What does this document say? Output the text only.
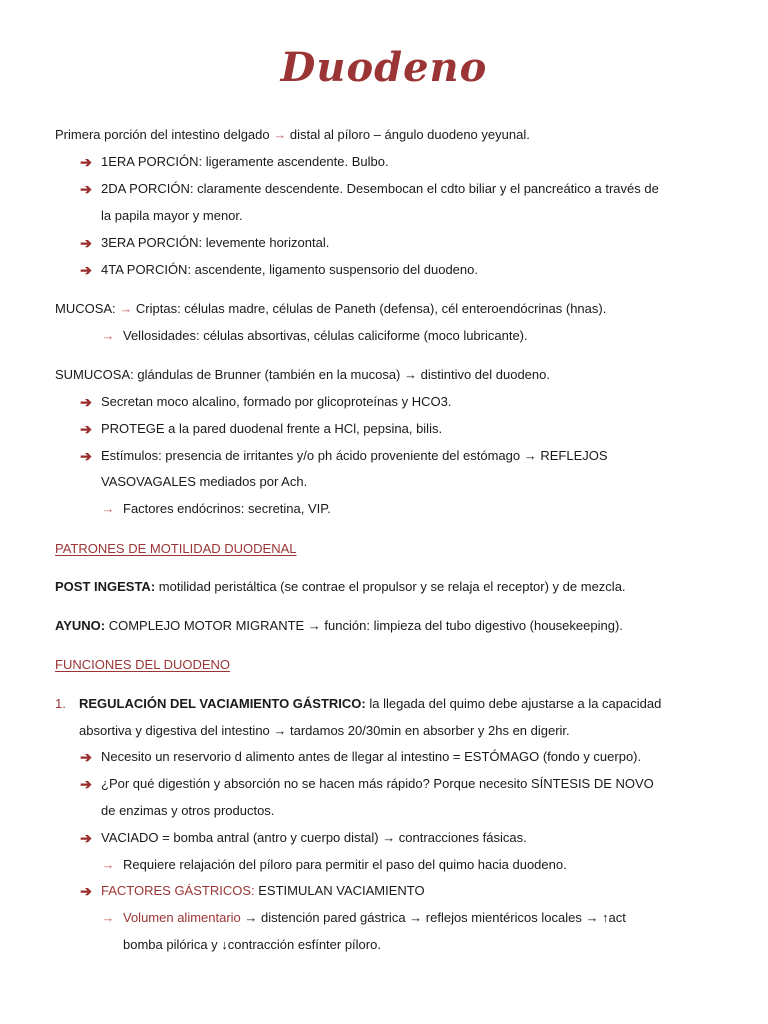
Duodeno
Primera porción del intestino delgado → distal al píloro – ángulo duodeno yeyunal.
➔ 1ERA PORCIÓN: ligeramente ascendente. Bulbo.
➔ 2DA PORCIÓN: claramente descendente. Desembocan el cdto biliar y el pancreático a través de
la papila mayor y menor.
➔ 3ERA PORCIÓN: levemente horizontal.
➔ 4TA PORCIÓN: ascendente, ligamento suspensorio del duodeno.
MUCOSA: → Criptas: células madre, células de Paneth (defensa), cél enteroendócrinas (hnas).
→ Vellosidades: células absortivas, células caliciforme (moco lubricante).
SUMUCOSA: glándulas de Brunner (también en la mucosa) → distintivo del duodeno.
➔ Secretan moco alcalino, formado por glicoproteínas y HCO3.
➔ PROTEGE a la pared duodenal frente a HCl, pepsina, bilis.
➔ Estímulos: presencia de irritantes y/o ph ácido proveniente del estómago → REFLEJOS
VASOVAGALES mediados por Ach.
→ Factores endócrinos: secretina, VIP.
PATRONES DE MOTILIDAD DUODENAL
POST INGESTA: motilidad peristáltica (se contrae el propulsor y se relaja el receptor) y de mezcla.
AYUNO: COMPLEJO MOTOR MIGRANTE → función: limpieza del tubo digestivo (housekeeping).
FUNCIONES DEL DUODENO
1. REGULACIÓN DEL VACIAMIENTO GÁSTRICO: la llegada del quimo debe ajustarse a la capacidad
absortiva y digestiva del intestino → tardamos 20/30min en absorber y 2hs en digerir.
➔ Necesito un reservorio d alimento antes de llegar al intestino = ESTÓMAGO (fondo y cuerpo).
➔ ¿Por qué digestión y absorción no se hacen más rápido? Porque necesito SÍNTESIS DE NOVO
de enzimas y otros productos.
➔ VACIADO = bomba antral (antro y cuerpo distal) → contracciones fásicas.
→ Requiere relajación del píloro para permitir el paso del quimo hacia duodeno.
➔ FACTORES GÁSTRICOS: ESTIMULAN VACIAMIENTO
→ Volumen alimentario → distención pared gástrica → reflejos mientéricos locales → ↑act
bomba pilórica y ↓contracción esfínter píloro.
